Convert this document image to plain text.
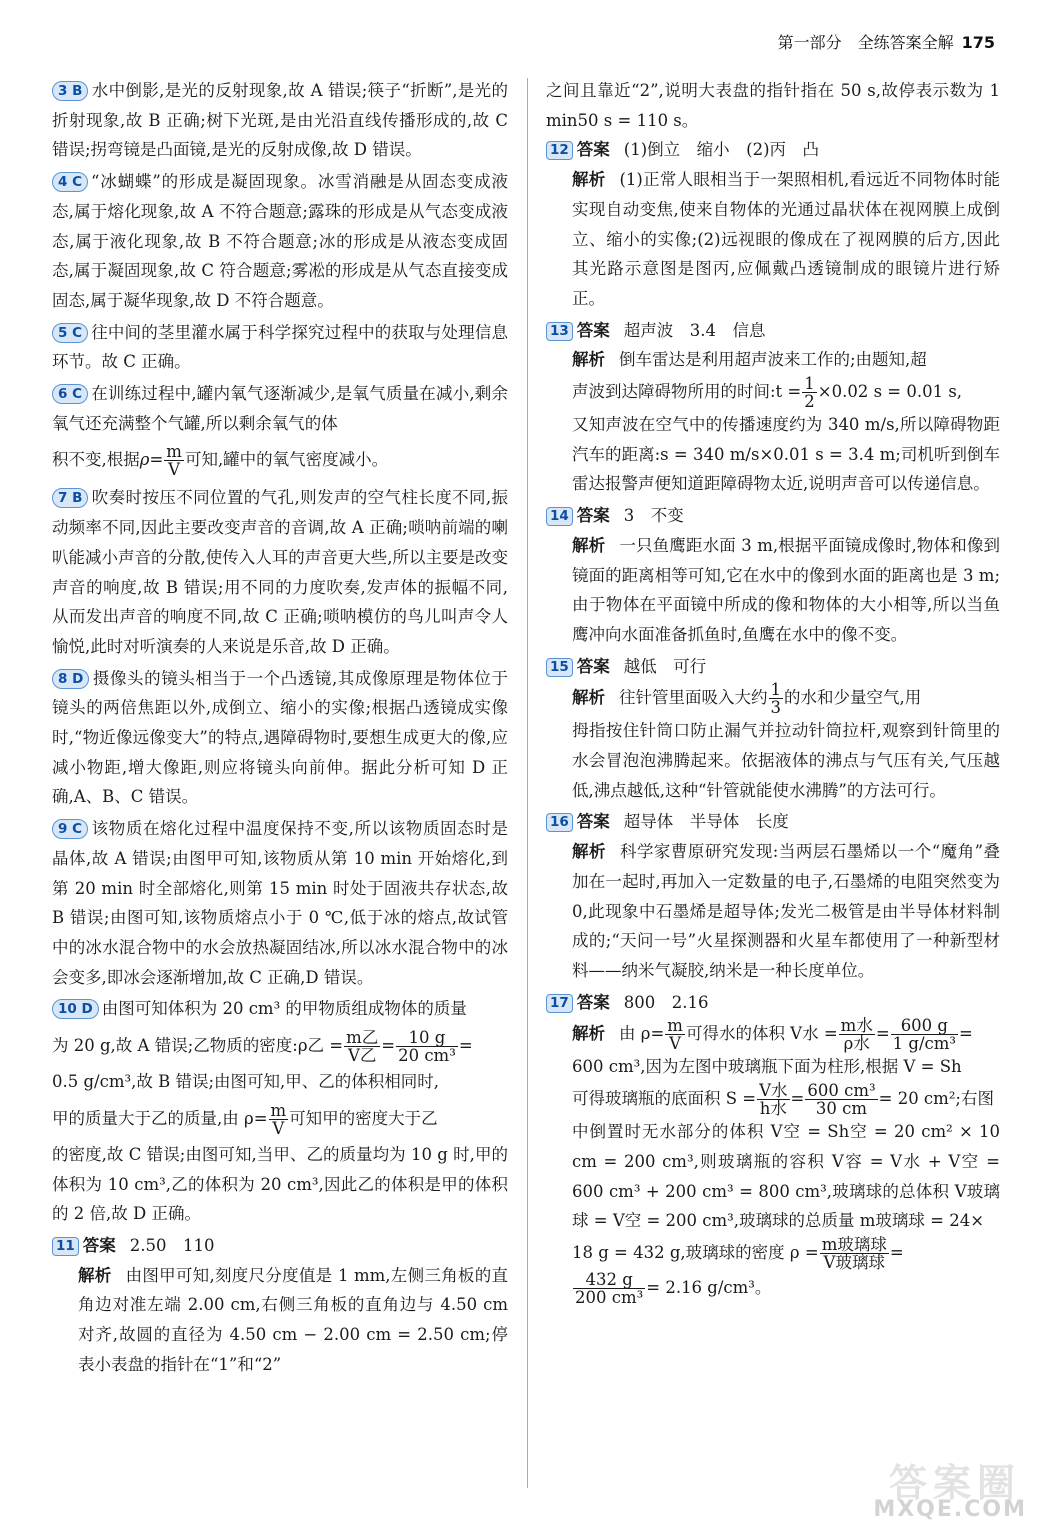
第一部分　全练答案全解 175
3 B 水中倒影,是光的反射现象,故 A 错误;筷子“折断”,是光的折射现象,故 B 正确;树下光斑,是由光沿直线传播形成的,故 C 错误;拐弯镜是凸面镜,是光的反射成像,故 D 错误。
4 C “冰蝴蝶”的形成是凝固现象。冰雪消融是从固态变成液态,属于熔化现象,故 A 不符合题意;露珠的形成是从气态变成液态,属于液化现象,故 B 不符合题意;冰的形成是从液态变成固态,属于凝固现象,故 C 符合题意;雾凇的形成是从气态直接变成固态,属于凝华现象,故 D 不符合题意。
5 C 往中间的茎里灌水属于科学探究过程中的获取与处理信息环节。故 C 正确。
6 C 在训练过程中,罐内氧气逐渐减少,是氧气质量在减小,剩余氧气还充满整个气罐,所以剩余氧气的体
积不变,根据$\rho= \frac{m}{V}$ 可知,罐中的氧气密度减小。
7 B 吹奏时按压不同位置的气孔,则发声的空气柱长度不同,振动频率不同,因此主要改变声音的音调,故 A 正确;唢呐前端的喇叭能减小声音的分散,使传入人耳的声音更大些,所以主要是改变声音的响度,故 B 错误;用不同的力度吹奏,发声体的振幅不同,从而发出声音的响度不同,故 C 正确;唢呐模仿的鸟儿叫声令人愉悦,此时对听演奏的人来说是乐音,故 D 正确。
8 D 摄像头的镜头相当于一个凸透镜,其成像原理是物体位于镜头的两倍焦距以外,成倒立、缩小的实像;根据凸透镜成实像时,“物近像远像变大”的特点,遇障碍物时,要想生成更大的像,应减小物距,增大像距,则应将镜头向前伸。据此分析可知 D 正确,A、B、C 错误。
9 C 该物质在熔化过程中温度保持不变,所以该物质固态时是晶体,故 A 错误;由图甲可知,该物质从第 10 min 开始熔化,到第 20 min 时全部熔化,则第 15 min 时处于固液共存状态,故 B 错误;由图可知,该物质熔点小于 0 ℃,低于冰的熔点,故试管中的冰水混合物中的水会放热凝固结冰,所以冰水混合物中的冰会变多,即冰会逐渐增加,故 C 正确,D 错误。
10 D 由图可知体积为 20 cm³ 的甲物质组成物体的质量
为 20 g,故 A 错误;乙物质的密度:ρ乙 = $\frac{\text{m乙}}{\text{V乙}} = \frac{10 g}{\text{20 cm³}}$ =
0.5 g/cm³,故 B 错误;由图可知,甲、乙的体积相同时,
甲的质量大于乙的质量,由 $\rho= \frac{m}{V}$ 可知甲的密度大于乙
的密度,故 C 错误;由图可知,当甲、乙的质量均为 10 g 时,甲的体积为 10 cm³,乙的体积为 20 cm³,因此乙的体积是甲的体积的 2 倍,故 D 正确。
11 答案 2.50　110
解析 由图甲可知,刻度尺分度值是 1 mm,左侧三角板的直角边对准左端 2.00 cm,右侧三角板的直角边与 4.50 cm 对齐,故圆的直径为 4.50 cm − 2.00 cm = 2.50 cm;停表小表盘的指针在“1”和“2”
之间且靠近“2”,说明大表盘的指针指在 50 s,故停表示数为 1 min50 s = 110 s。
12 答案 (1)倒立　缩小　(2)丙　凸
解析 (1)正常人眼相当于一架照相机,看远近不同物体时能实现自动变焦,使来自物体的光通过晶状体在视网膜上成倒立、缩小的实像;(2)远视眼的像成在了视网膜的后方,因此其光路示意图是图丙,应佩戴凸透镜制成的眼镜片进行矫正。
13 答案 超声波　3.4　信息
解析 倒车雷达是利用超声波来工作的;由题知,超
声波到达障碍物所用的时间:t = $\frac{1}{2} \times 0.02$ s = 0.01 s,
又知声波在空气中的传播速度约为 340 m/s,所以障碍物距汽车的距离:s = 340 m/s×0.01 s = 3.4 m;司机听到倒车雷达报警声便知道距障碍物太近,说明声音可以传递信息。
14 答案 3　不变
解析 一只鱼鹰距水面 3 m,根据平面镜成像时,物体和像到镜面的距离相等可知,它在水中的像到水面的距离也是 3 m;由于物体在平面镜中所成的像和物体的大小相等,所以当鱼鹰冲向水面准备抓鱼时,鱼鹰在水中的像不变。
15 答案 越低　可行
解析 往针管里面吸入大约 $\frac{1}{3}$ 的水和少量空气,用
拇指按住针筒口防止漏气并拉动针筒拉杆,观察到针筒里的水会冒泡泡沸腾起来。依据液体的沸点与气压有关,气压越低,沸点越低,这种“针管就能使水沸腾”的方法可行。
16 答案 超导体　半导体　长度
解析 科学家曹原研究发现:当两层石墨烯以一个“魔角”叠加在一起时,再加入一定数量的电子,石墨烯的电阻突然变为 0,此现象中石墨烯是超导体;发光二极管是由半导体材料制成的;“天问一号”火星探测器和火星车都使用了一种新型材料——纳米气凝胶,纳米是一种长度单位。
17 答案 800　2.16
解析 由 $\rho= \frac{m}{V}$ 可得水的体积 V水 = $\frac{\text{m水}}{\text{ρ水}} = \frac{600 g}{\text{1 g/cm³}}$ =
600 cm³,因为左图中玻璃瓶下面为柱形,根据 V = Sh
可得玻璃瓶的底面积 $S = \frac{\text{V水}}{\text{h水}} = \frac{\text{600 cm³}}{30 cm} = 20$ cm²;右图
中倒置时无水部分的体积 V空 = Sh空 = 20 cm² × 10 cm = 200 cm³,则玻璃瓶的容积 V容 = V水 + V空 = 600 cm³ + 200 cm³ = 800 cm³,玻璃球的总体积 V玻璃球 = V空 = 200 cm³,玻璃球的总质量 m玻璃球 = 24×
18 g = 432 g,玻璃球的密度 $\rho = \frac{\text{m玻璃球}}{\text{V玻璃球}}$ =
$\frac{432 g}{\text{200 cm³}} = 2.16$ g/cm³。
答案圈
MXQE.COM
